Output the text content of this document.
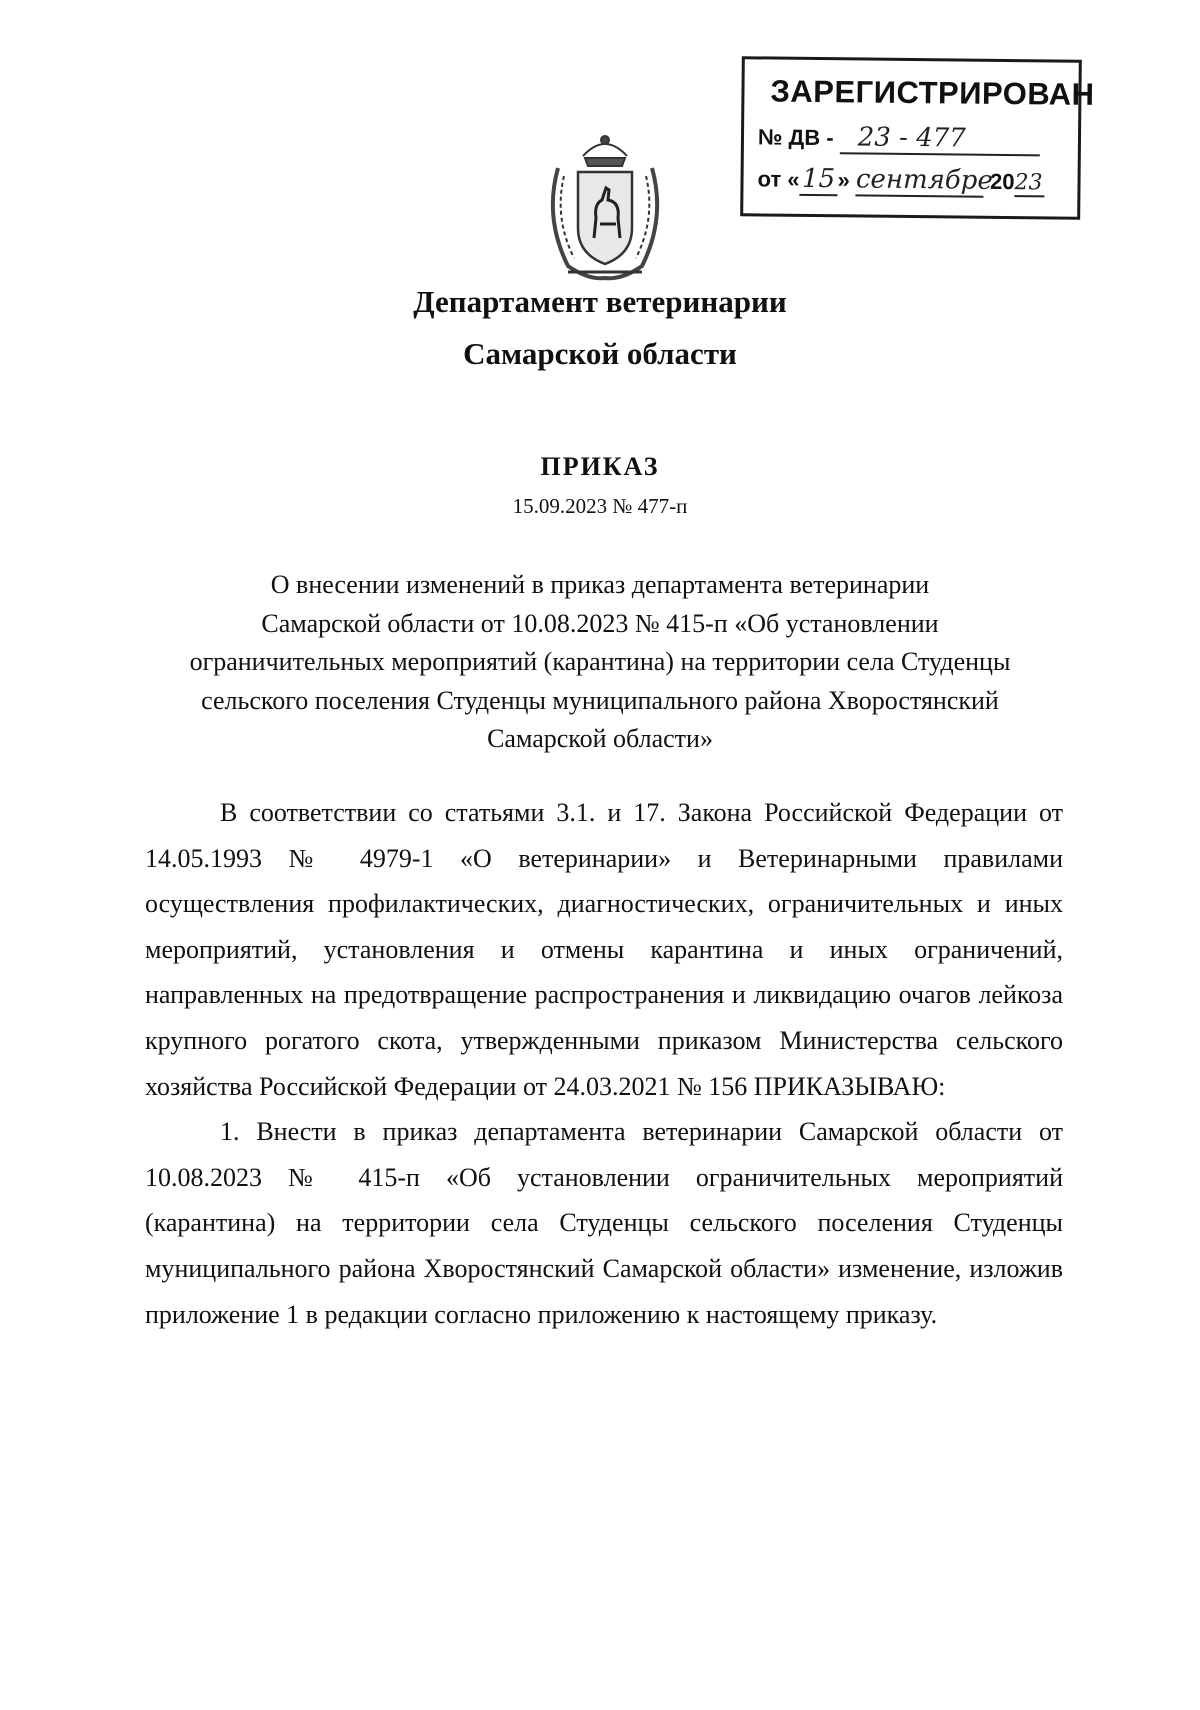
ЗАРЕГИСТРИРОВАН
№ ДВ - 23 - 477
от «15» сентябре 2023
Департамент ветеринарии
Самарской области
ПРИКАЗ
15.09.2023 № 477-п
О внесении изменений в приказ департамента ветеринарии
Самарской области от 10.08.2023 № 415-п «Об установлении
ограничительных мероприятий (карантина) на территории села Студенцы
сельского поселения Студенцы муниципального района Хворостянский
Самарской области»

В соответствии со статьями 3.1. и 17. Закона Российской Федерации от 14.05.1993 № 4979-1 «О ветеринарии» и Ветеринарными правилами осуществления профилактических, диагностических, ограничительных и иных мероприятий, установления и отмены карантина и иных ограничений, направленных на предотвращение распространения и ликвидацию очагов лейкоза крупного рогатого скота, утвержденными приказом Министерства сельского хозяйства Российской Федерации от 24.03.2021 № 156 ПРИКАЗЫВАЮ:

1. Внести в приказ департамента ветеринарии Самарской области от 10.08.2023 № 415-п «Об установлении ограничительных мероприятий (карантина) на территории села Студенцы сельского поселения Студенцы муниципального района Хворостянский Самарской области» изменение, изложив приложение 1 в редакции согласно приложению к настоящему приказу.
